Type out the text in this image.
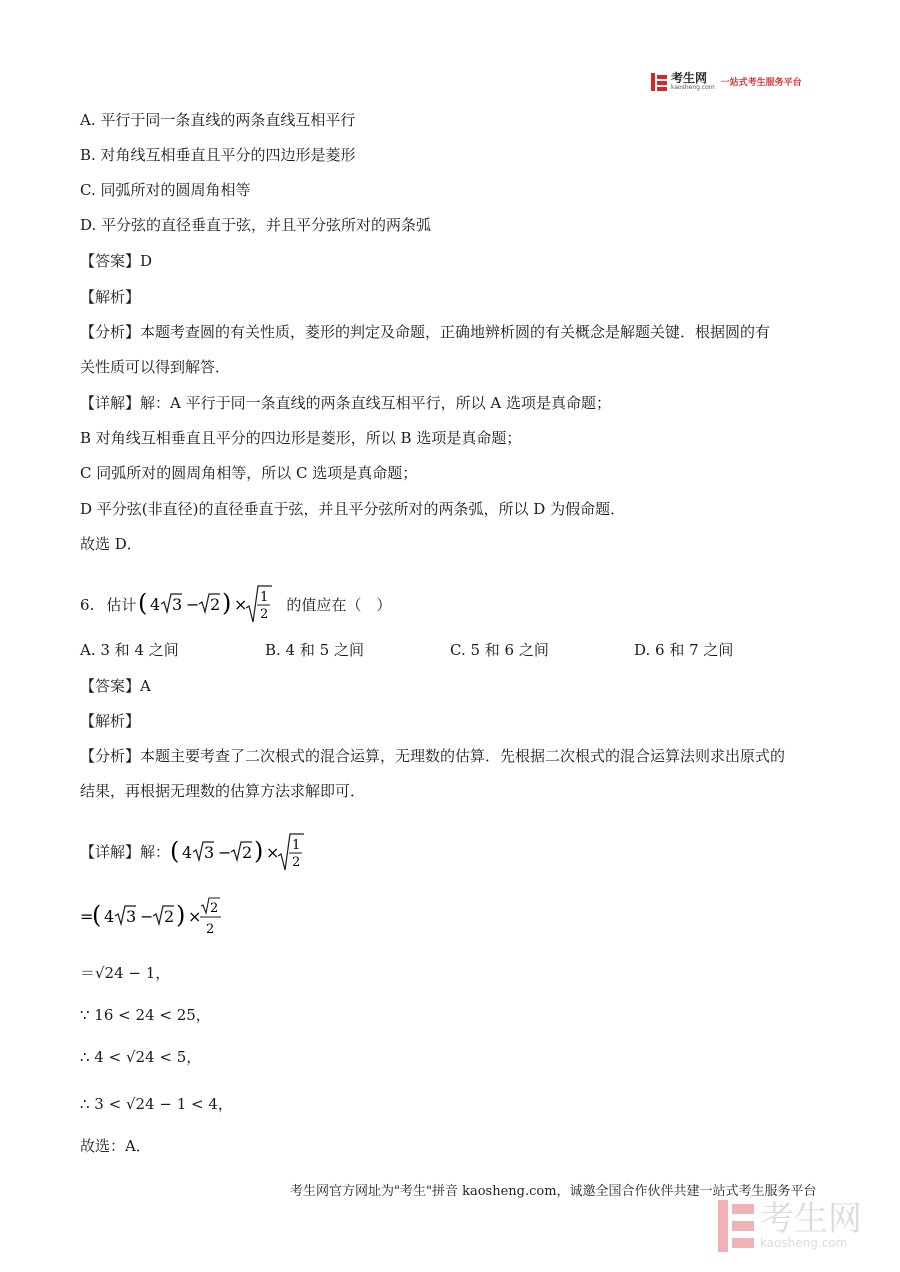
考生网
kaosheng.com 一站式考生服务平台
A. 平行于同一条直线的两条直线互相平行
B. 对角线互相垂直且平分的四边形是菱形
C. 同弧所对的圆周角相等
D. 平分弦的直径垂直于弦，并且平分弦所对的两条弧
【答案】D
【解析】
【分析】本题考查圆的有关性质，菱形的判定及命题，正确地辨析圆的有关概念是解题关键．根据圆的有
关性质可以得到解答．
【详解】解：A 平行于同一条直线的两条直线互相平行，所以 A 选项是真命题；
B 对角线互相垂直且平分的四边形是菱形，所以 B 选项是真命题；
C 同弧所对的圆周角相等，所以 C 选项是真命题；
D 平分弦(非直径)的直径垂直于弦，并且平分弦所对的两条弧，所以 D 为假命题．
故选 D．
6. 估计 ( 4 3 − 2 ) × 1
2
的值应在（　）
A. 3 和 4 之间	B. 4 和 5 之间	C. 5 和 6 之间	D. 6 和 7 之间
【答案】A
【解析】
【分析】本题主要考查了二次根式的混合运算，无理数的估算．先根据二次根式的混合运算法则求出原式的
结果，再根据无理数的估算方法求解即可．
【详解】解： ( 4 3 − 2 ) × 1
2
=
( 4 3 − 2 ) × 2
2
＝√24 − 1，
∵ 16 < 24 < 25，
∴ 4 < √24 < 5，
∴ 3 < √24 − 1 < 4，
故选：A．
考生网官方网址为"考生"拼音 kaosheng.com，诚邀全国合作伙伴共建一站式考生服务平台
考生网
kaosheng.com
